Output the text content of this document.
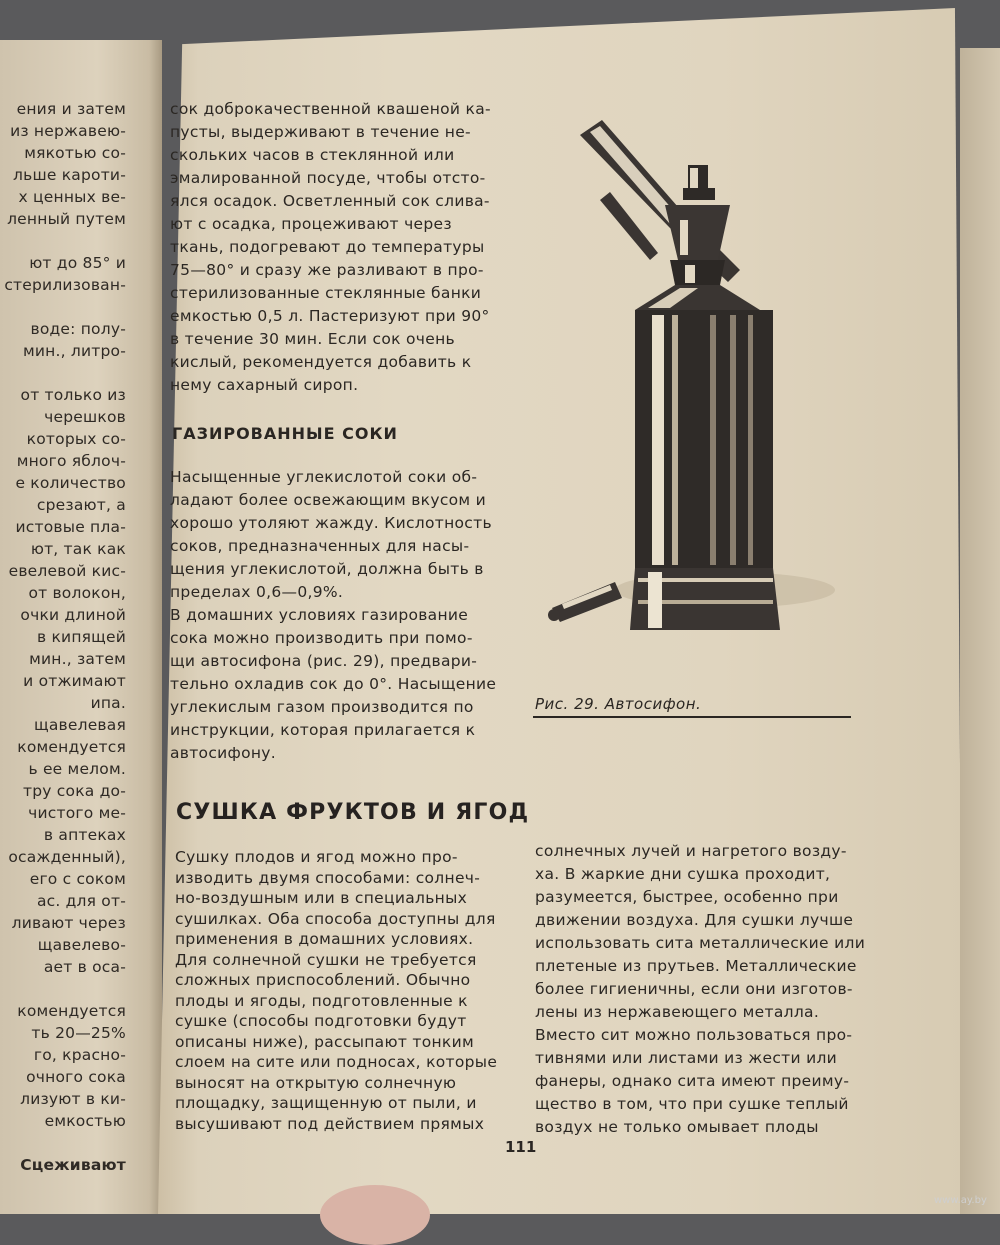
ения и затем
из нержавею-
мякотью со-
льше кароти-
х ценных ве-
ленный путем
ют до 85° и
стерилизован-
воде: полу-
мин., литро-
от только из
черешков
которых со-
много яблоч-
е количество
срезают, а
истовые пла-
ют, так как
евелевой кис-
от волокон,
очки длиной
в кипящей
мин., затем
и отжимают
ипа.
щавелевая
комендуется
ь ее мелом.
тру сока до-
чистого ме-
в аптеках
осажденный),
его с соком
ас. для от-
ливают через
щавелево-
ает в оса-
комендуется
ть 20—25%
го, красно-
очного сока
лизуют в ки-
емкостью
Сцеживают
сок доброкачественной квашеной ка-
пусты, выдерживают в течение не-
скольких часов в стеклянной или
эмалированной посуде, чтобы отсто-
ялся осадок. Осветленный сок слива-
ют с осадка, процеживают через
ткань, подогревают до температуры
75—80° и сразу же разливают в про-
стерилизованные стеклянные банки
емкостью 0,5 л. Пастеризуют при 90°
в течение 30 мин. Если сок очень
кислый, рекомендуется добавить к
нему сахарный сироп.
ГАЗИРОВАННЫЕ СОКИ
Насыщенные углекислотой соки об-
ладают более освежающим вкусом и
хорошо утоляют жажду. Кислотность
соков, предназначенных для насы-
щения углекислотой, должна быть в
пределах 0,6—0,9%.
В домашних условиях газирование
сока можно производить при помо-
щи автосифона (рис. 29), предвари-
тельно охладив сок до 0°. Насыщение
углекислым газом производится по
инструкции, которая прилагается к
автосифону.
Рис. 29. Автосифон.
СУШКА ФРУКТОВ И ЯГОД
Сушку плодов и ягод можно про-
изводить двумя способами: солнеч-
но-воздушным или в специальных
сушилках. Оба способа доступны для
применения в домашних условиях.
Для солнечной сушки не требуется
сложных приспособлений. Обычно
плоды и ягоды, подготовленные к
сушке (способы подготовки будут
описаны ниже), рассыпают тонким
слоем на сите или подносах, которые
выносят на открытую солнечную
площадку, защищенную от пыли, и
высушивают под действием прямых
солнечных лучей и нагретого возду-
ха. В жаркие дни сушка проходит,
разумеется, быстрее, особенно при
движении воздуха. Для сушки лучше
использовать сита металлические или
плетеные из прутьев. Металлические
более гигиеничны, если они изготов-
лены из нержавеющего металла.
Вместо сит можно пользоваться про-
тивнями или листами из жести или
фанеры, однако сита имеют преиму-
щество в том, что при сушке теплый
воздух не только омывает плоды
111
www.ay.by
